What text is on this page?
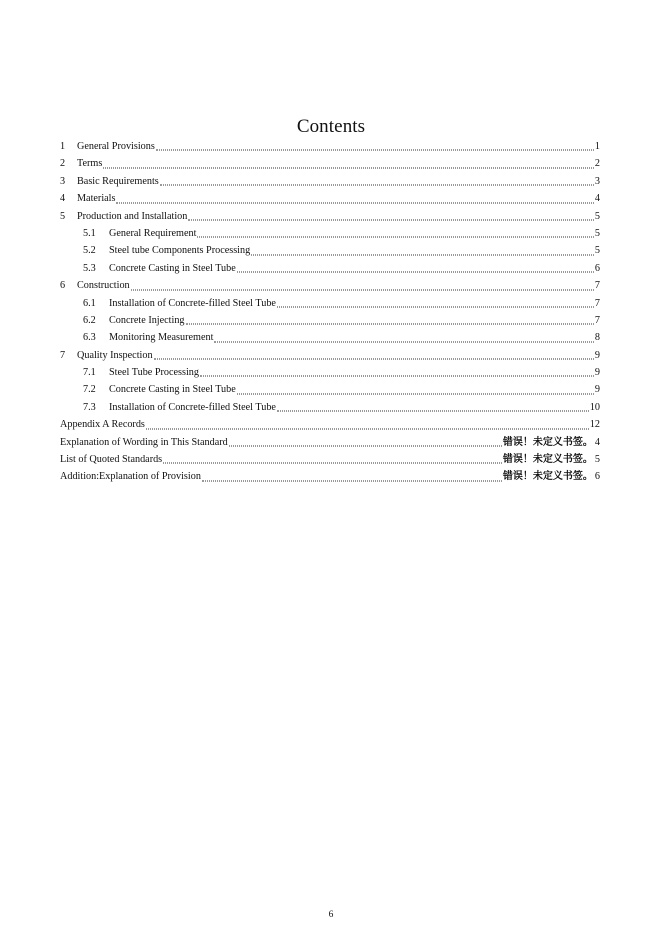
Contents
1	General Provisions	1
2	Terms	2
3	Basic Requirements	3
4	Materials	4
5	Production and Installation	5
5.1	General Requirement	5
5.2	Steel tube Components Processing	5
5.3	Concrete Casting in Steel Tube	6
6	Construction	7
6.1	Installation of Concrete-filled Steel Tube	7
6.2	Concrete Injecting	7
6.3	Monitoring Measurement	8
7	Quality Inspection	9
7.1	Steel Tube Processing	9
7.2	Concrete Casting in Steel Tube	9
7.3	Installation of Concrete-filled Steel Tube	10
Appendix A Records	12
Explanation of Wording in This Standard	错误！未定义书签。 4
List of Quoted Standards	错误！未定义书签。 5
Addition:Explanation of Provision	错误！未定义书签。 6
6
